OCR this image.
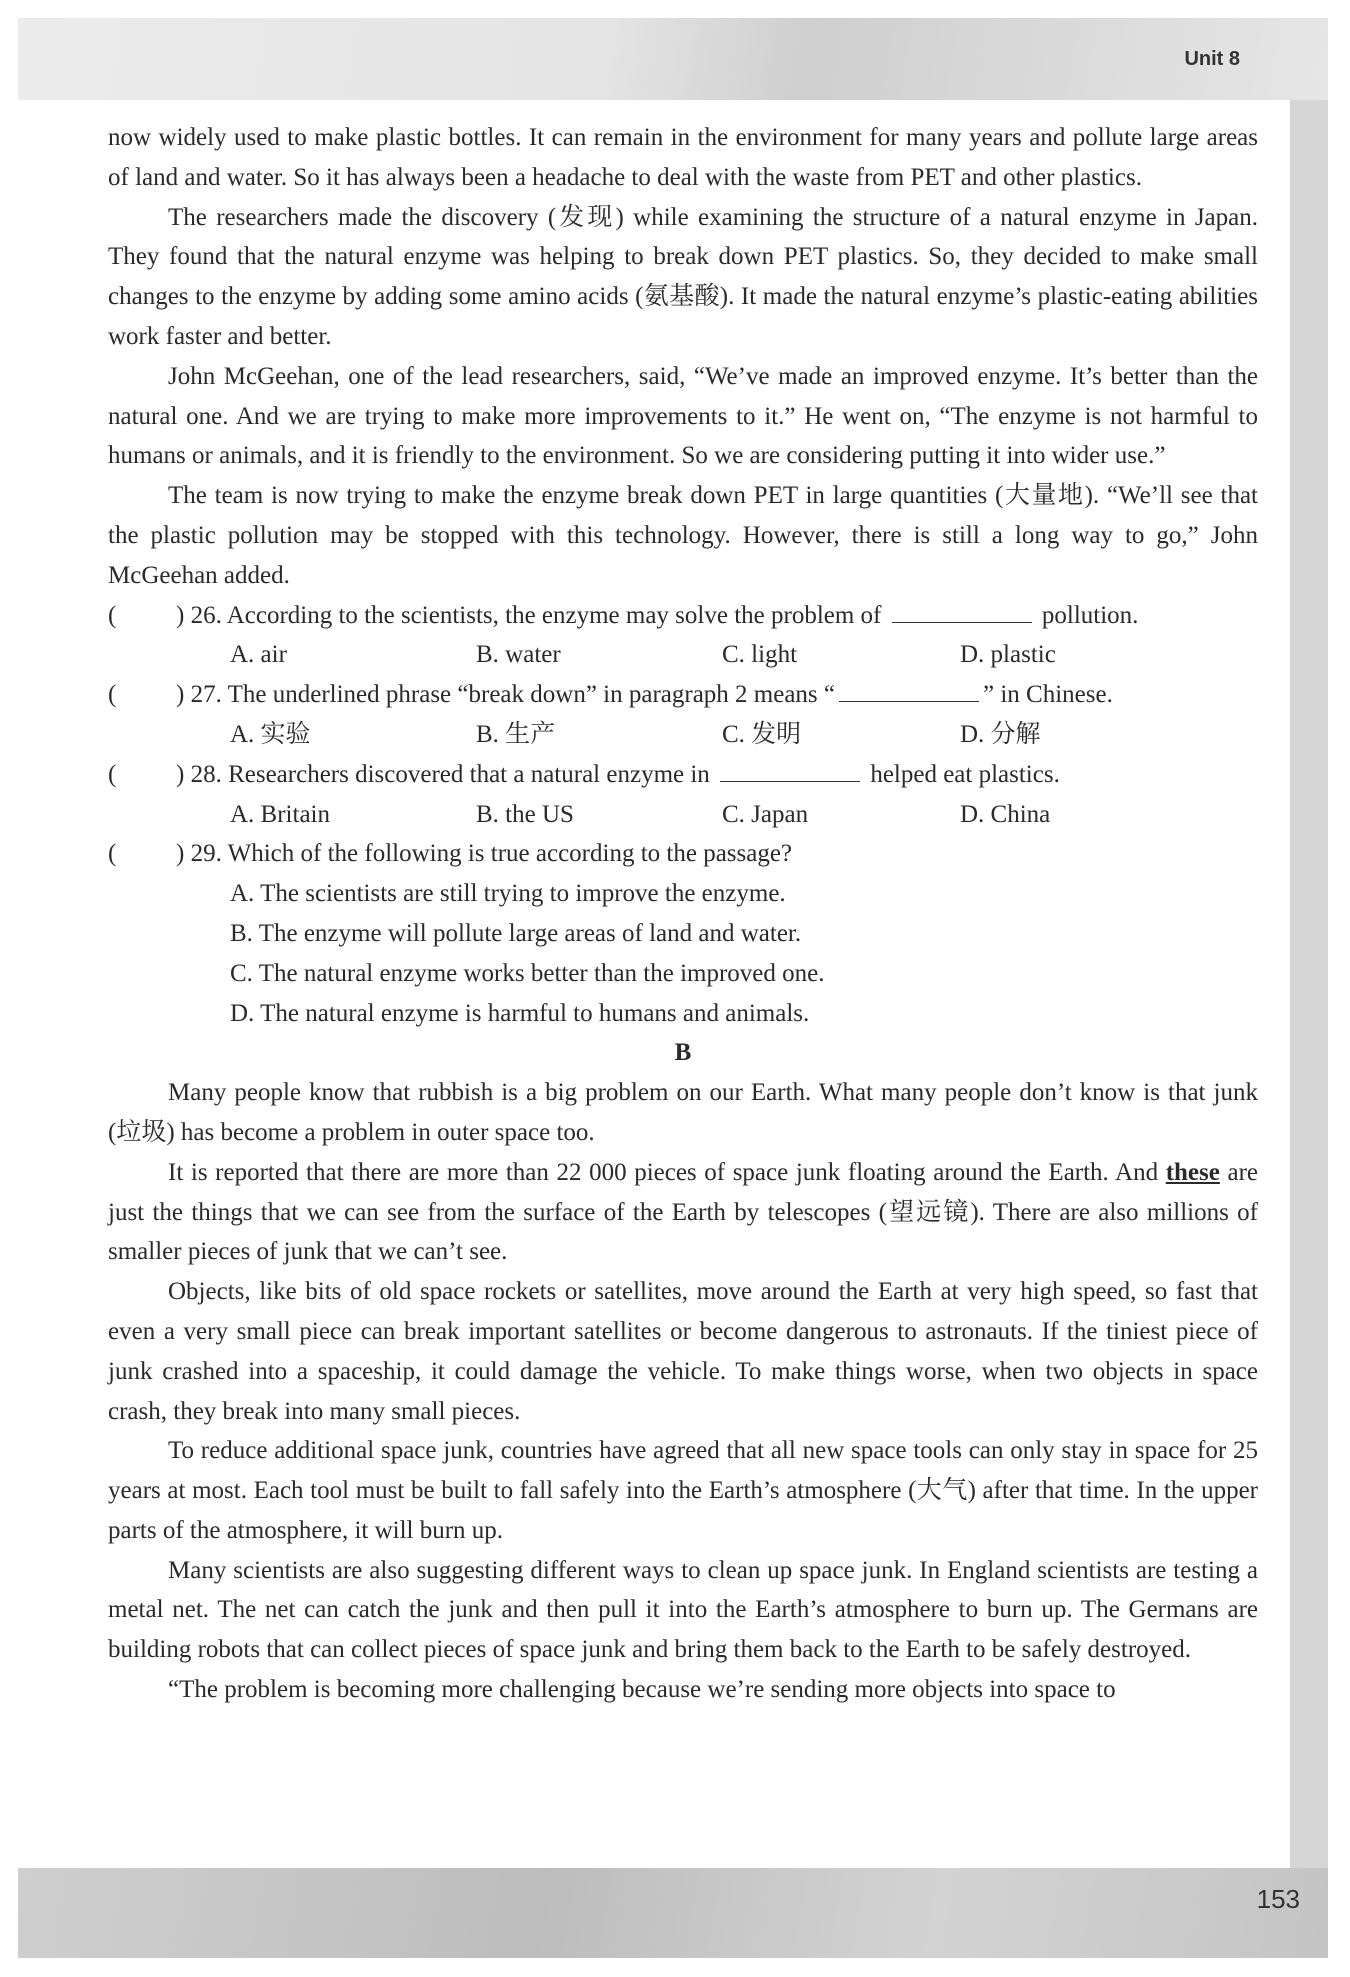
Unit 8
153

now widely used to make plastic bottles. It can remain in the environment for many years and pollute large areas of land and water. So it has always been a headache to deal with the waste from PET and other plastics.

The researchers made the discovery (发现) while examining the structure of a natural enzyme in Japan. They found that the natural enzyme was helping to break down PET plastics. So, they decided to make small changes to the enzyme by adding some amino acids (氨基酸). It made the natural enzyme’s plastic-eating abilities work faster and better.

John McGeehan, one of the lead researchers, said, “We’ve made an improved enzyme. It’s better than the natural one. And we are trying to make more improvements to it.” He went on, “The enzyme is not harmful to humans or animals, and it is friendly to the environment. So we are considering putting it into wider use.”

The team is now trying to make the enzyme break down PET in large quantities (大量地). “We’ll see that the plastic pollution may be stopped with this technology. However, there is still a long way to go,” John McGeehan added.

( ) 26. According to the scientists, the enzyme may solve the problem of	pollution.
A. air	B. water	C. light	D. plastic
( ) 27. The underlined phrase “break down” in paragraph 2 means “	” in Chinese.
A. 实验	B. 生产	C. 发明	D. 分解
( ) 28. Researchers discovered that a natural enzyme in	helped eat plastics.
A. Britain	B. the US	C. Japan	D. China
( ) 29. Which of the following is true according to the passage?
A. The scientists are still trying to improve the enzyme.
B. The enzyme will pollute large areas of land and water.
C. The natural enzyme works better than the improved one.
D. The natural enzyme is harmful to humans and animals.
B

Many people know that rubbish is a big problem on our Earth. What many people don’t know is that junk (垃圾) has become a problem in outer space too.

It is reported that there are more than 22 000 pieces of space junk floating around the Earth. And these are just the things that we can see from the surface of the Earth by telescopes (望远镜). There are also millions of smaller pieces of junk that we can’t see.

Objects, like bits of old space rockets or satellites, move around the Earth at very high speed, so fast that even a very small piece can break important satellites or become dangerous to astronauts. If the tiniest piece of junk crashed into a spaceship, it could damage the vehicle. To make things worse, when two objects in space crash, they break into many small pieces.

To reduce additional space junk, countries have agreed that all new space tools can only stay in space for 25 years at most. Each tool must be built to fall safely into the Earth’s atmosphere (大气) after that time. In the upper parts of the atmosphere, it will burn up.

Many scientists are also suggesting different ways to clean up space junk. In England scientists are testing a metal net. The net can catch the junk and then pull it into the Earth’s atmosphere to burn up. The Germans are building robots that can collect pieces of space junk and bring them back to the Earth to be safely destroyed.

“The problem is becoming more challenging because we’re sending more objects into space to
